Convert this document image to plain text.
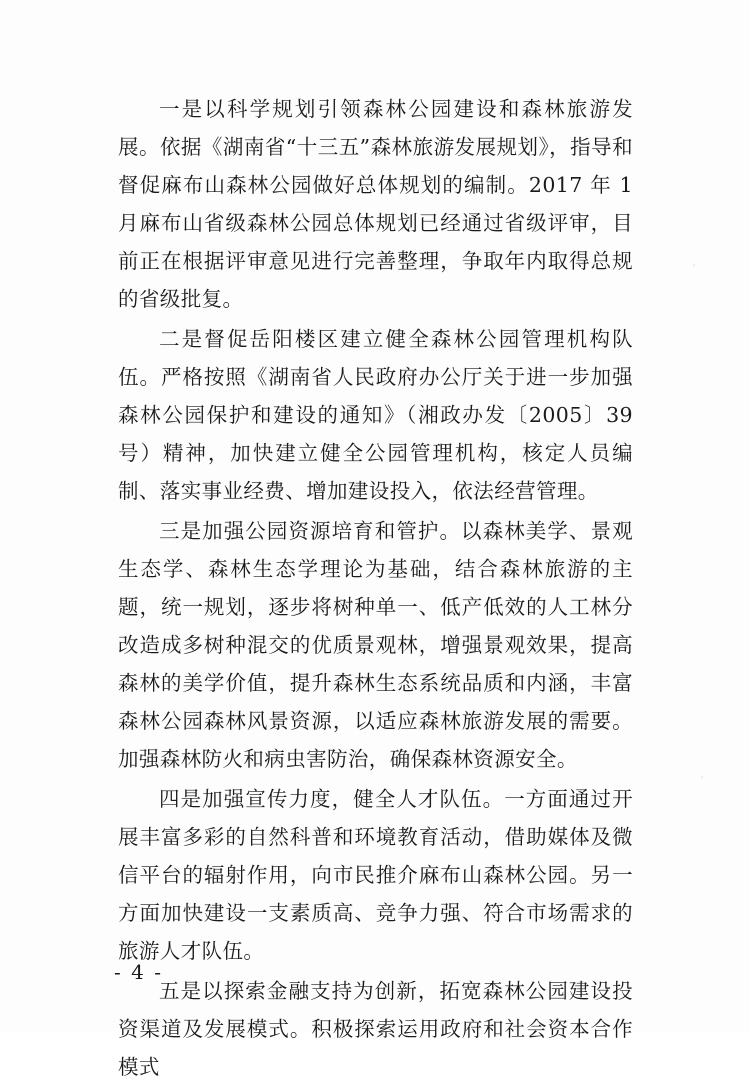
·
·

一是以科学规划引领森林公园建设和森林旅游发展。依据《湖南省“十三五”森林旅游发展规划》，指导和督促麻布山森林公园做好总体规划的编制。2017 年 1 月麻布山省级森林公园总体规划已经通过省级评审，目前正在根据评审意见进行完善整理，争取年内取得总规的省级批复。

二是督促岳阳楼区建立健全森林公园管理机构队伍。严格按照《湖南省人民政府办公厅关于进一步加强森林公园保护和建设的通知》（湘政办发〔2005〕39 号）精神，加快建立健全公园管理机构，核定人员编制、落实事业经费、增加建设投入，依法经营管理。

三是加强公园资源培育和管护。以森林美学、景观生态学、森林生态学理论为基础，结合森林旅游的主题，统一规划，逐步将树种单一、低产低效的人工林分改造成多树种混交的优质景观林，增强景观效果，提高森林的美学价值，提升森林生态系统品质和内涵，丰富森林公园森林风景资源，以适应森林旅游发展的需要。加强森林防火和病虫害防治，确保森林资源安全。

四是加强宣传力度，健全人才队伍。一方面通过开展丰富多彩的自然科普和环境教育活动，借助媒体及微信平台的辐射作用，向市民推介麻布山森林公园。另一方面加快建设一支素质高、竞争力强、符合市场需求的旅游人才队伍。

五是以探索金融支持为创新，拓宽森林公园建设投资渠道及发展模式。积极探索运用政府和社会资本合作模式

- 4 -
